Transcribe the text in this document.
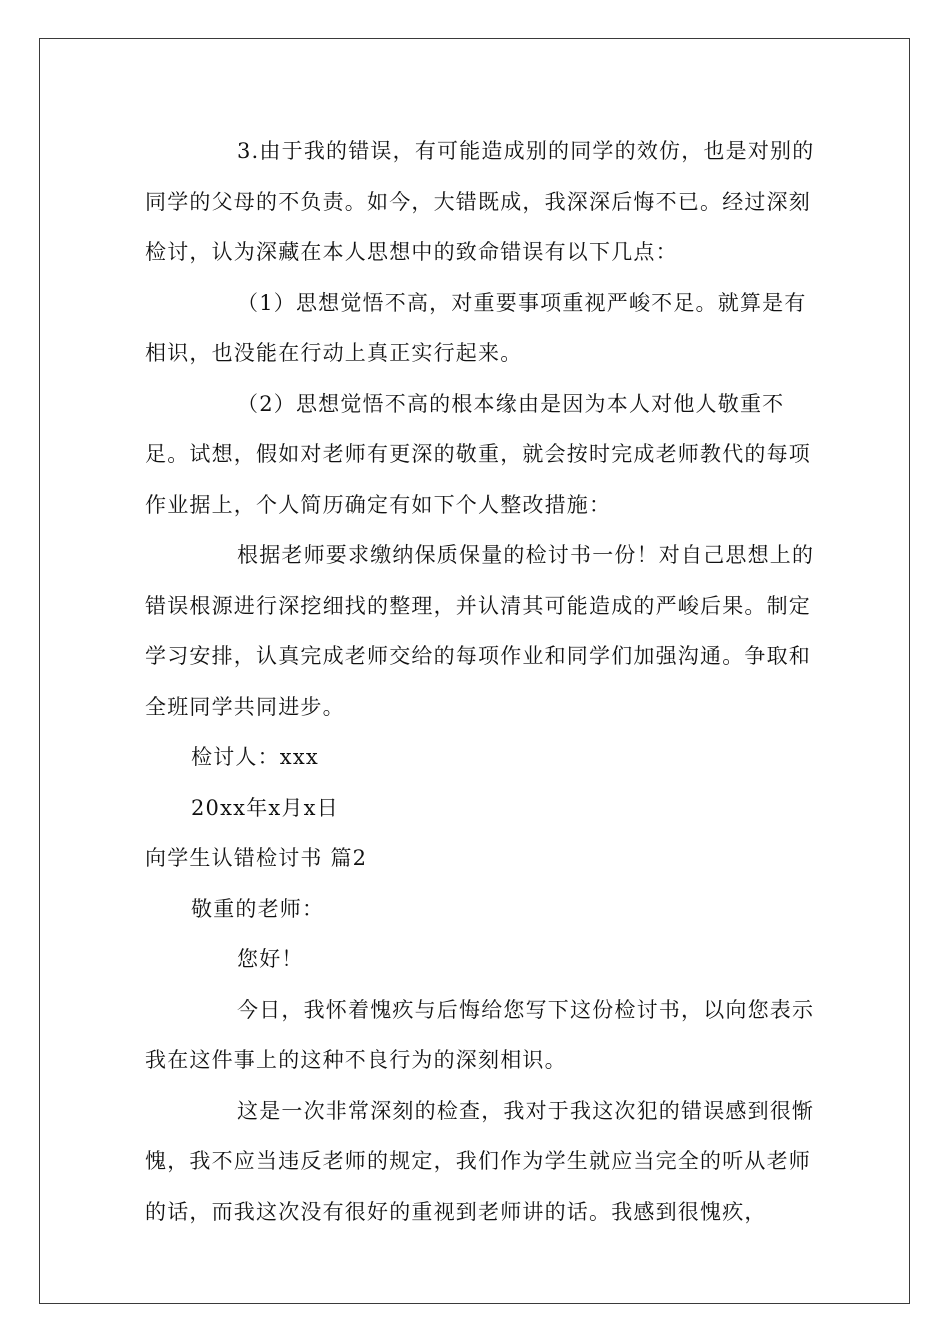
3.由于我的错误，有可能造成别的同学的效仿，也是对别的同学的父母的不负责。如今，大错既成，我深深后悔不已。经过深刻检讨，认为深藏在本人思想中的致命错误有以下几点：

（1）思想觉悟不高，对重要事项重视严峻不足。就算是有相识，也没能在行动上真正实行起来。

（2）思想觉悟不高的根本缘由是因为本人对他人敬重不足。试想，假如对老师有更深的敬重，就会按时完成老师教代的每项作业据上，个人简历确定有如下个人整改措施：

根据老师要求缴纳保质保量的检讨书一份！对自己思想上的错误根源进行深挖细找的整理，并认清其可能造成的严峻后果。制定学习安排，认真完成老师交给的每项作业和同学们加强沟通。争取和全班同学共同进步。

检讨人：xxx

20xx年x月x日

向学生认错检讨书 篇2

敬重的老师：

您好！

今日，我怀着愧疚与后悔给您写下这份检讨书，以向您表示我在这件事上的这种不良行为的深刻相识。

这是一次非常深刻的检查，我对于我这次犯的错误感到很惭愧，我不应当违反老师的规定，我们作为学生就应当完全的听从老师的话，而我这次没有很好的重视到老师讲的话。我感到很愧疚，
